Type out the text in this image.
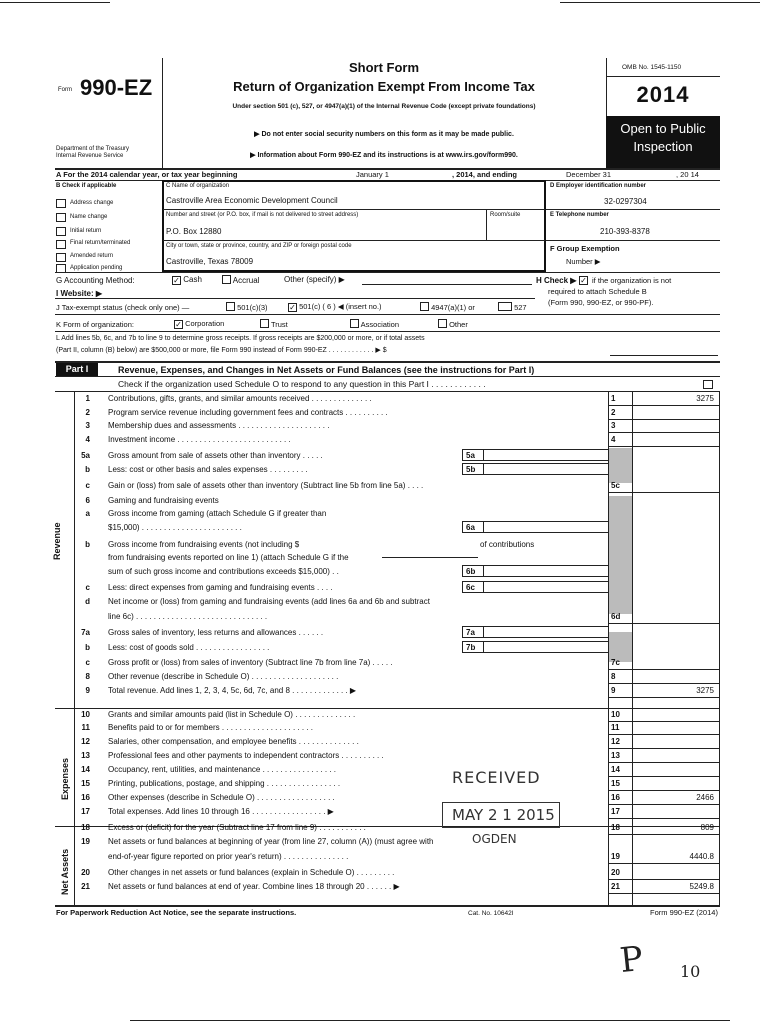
Form 990-EZ
Department of the Treasury
Internal Revenue Service
Short Form
Return of Organization Exempt From Income Tax
Under section 501 (c), 527, or 4947(a)(1) of the Internal Revenue Code (except private foundations)
▶ Do not enter social security numbers on this form as it may be made public.
▶ Information about Form 990-EZ and its instructions is at www.irs.gov/form990.
OMB No. 1545-1150
2014
Open to Public
Inspection
A For the 2014 calendar year, or tax year beginning	January 1	, 2014, and ending	December 31	, 20 14
B Check if applicable
Address change
Name change
Initial return
Final return/terminated
Amended return
Application pending
C Name of organization
Castroville Area Economic Development Council
Number and street (or P.O. box, if mail is not delivered to street address)	Room/suite
P.O. Box 12880
City or town, state or province, country, and ZIP or foreign postal code
Castroville, Texas 78009
D Employer identification number
32-0297304
E Telephone number
210-393-8378
F Group Exemption
Number ▶
G Accounting Method:	✓ Cash	Accrual	Other (specify) ▶	H Check ▶ ✓ if the organization is not
required to attach Schedule B
(Form 990, 990-EZ, or 990-PF).
I Website: ▶
J Tax-exempt status (check only one) —	501(c)(3)	✓ 501(c) ( 6 ) ◀ (insert no.)	4947(a)(1) or	527
K Form of organization:	✓ Corporation	Trust	Association	Other
L Add lines 5b, 6c, and 7b to line 9 to determine gross receipts. If gross receipts are $200,000 or more, or if total assets
(Part II, column (B) below) are $500,000 or more, file Form 990 instead of Form 990-EZ . . . . . . . . . . . . ▶ $
Part I	Revenue, Expenses, and Changes in Net Assets or Fund Balances (see the instructions for Part I)
Check if the organization used Schedule O to respond to any question in this Part I . . . . . . . . . . . .
Revenue
Expenses
Net Assets
1 Contributions, gifts, grants, and similar amounts received . . . . . . . . . . . . . .	1	3275
2 Program service revenue including government fees and contracts . . . . . . . . . .	2
3 Membership dues and assessments . . . . . . . . . . . . . . . . . . . . .	3
4 Investment income . . . . . . . . . . . . . . . . . . . . . . . . . .	4
5a Gross amount from sale of assets other than inventory . . . . .	5a
b Less: cost or other basis and sales expenses . . . . . . . . .	5b
c Gain or (loss) from sale of assets other than inventory (Subtract line 5b from line 5a) . . . .	5c
6 Gaming and fundraising events
a Gross income from gaming (attach Schedule G if greater than
$15,000) . . . . . . . . . . . . . . . . . . . . . . .	6a
b Gross income from fundraising events (not including $	of contributions
from fundraising events reported on line 1) (attach Schedule G if the
sum of such gross income and contributions exceeds $15,000) . .	6b
c Less: direct expenses from gaming and fundraising events . . . .	6c
d Net income or (loss) from gaming and fundraising events (add lines 6a and 6b and subtract
line 6c) . . . . . . . . . . . . . . . . . . . . . . . . . . . . . .	6d
7a Gross sales of inventory, less returns and allowances . . . . . .	7a
b Less: cost of goods sold . . . . . . . . . . . . . . . . .	7b
c Gross profit or (loss) from sales of inventory (Subtract line 7b from line 7a) . . . . .	7c
8 Other revenue (describe in Schedule O) . . . . . . . . . . . . . . . . . . . .	8
9 Total revenue. Add lines 1, 2, 3, 4, 5c, 6d, 7c, and 8 . . . . . . . . . . . . . ▶	9	3275
10 Grants and similar amounts paid (list in Schedule O) . . . . . . . . . . . . . .	10
11 Benefits paid to or for members . . . . . . . . . . . . . . . . . . . . .	11
12 Salaries, other compensation, and employee benefits . . . . . . . . . . . . . .	12
13 Professional fees and other payments to independent contractors . . . . . . . . . .	13
14 Occupancy, rent, utilities, and maintenance . . . . . . . . . . . . . . . . .	14
15 Printing, publications, postage, and shipping . . . . . . . . . . . . . . . . .	15
16 Other expenses (describe in Schedule O) . . . . . . . . . . . . . . . . . .	16	2466
17 Total expenses. Add lines 10 through 16 . . . . . . . . . . . . . . . . . ▶	17
18 Excess or (deficit) for the year (Subtract line 17 from line 9) . . . . . . . . . . .	18	809
19 Net assets or fund balances at beginning of year (from line 27, column (A)) (must agree with
end-of-year figure reported on prior year's return) . . . . . . . . . . . . . . .	19	4440.8
20 Other changes in net assets or fund balances (explain in Schedule O) . . . . . . . . .	20
21 Net assets or fund balances at end of year. Combine lines 18 through 20 . . . . . . ▶	21	5249.8
RECEIVED
MAY 2 1 2015
OGDEN
For Paperwork Reduction Act Notice, see the separate instructions.	Cat. No. 10642I	Form 990-EZ (2014)
P 10
